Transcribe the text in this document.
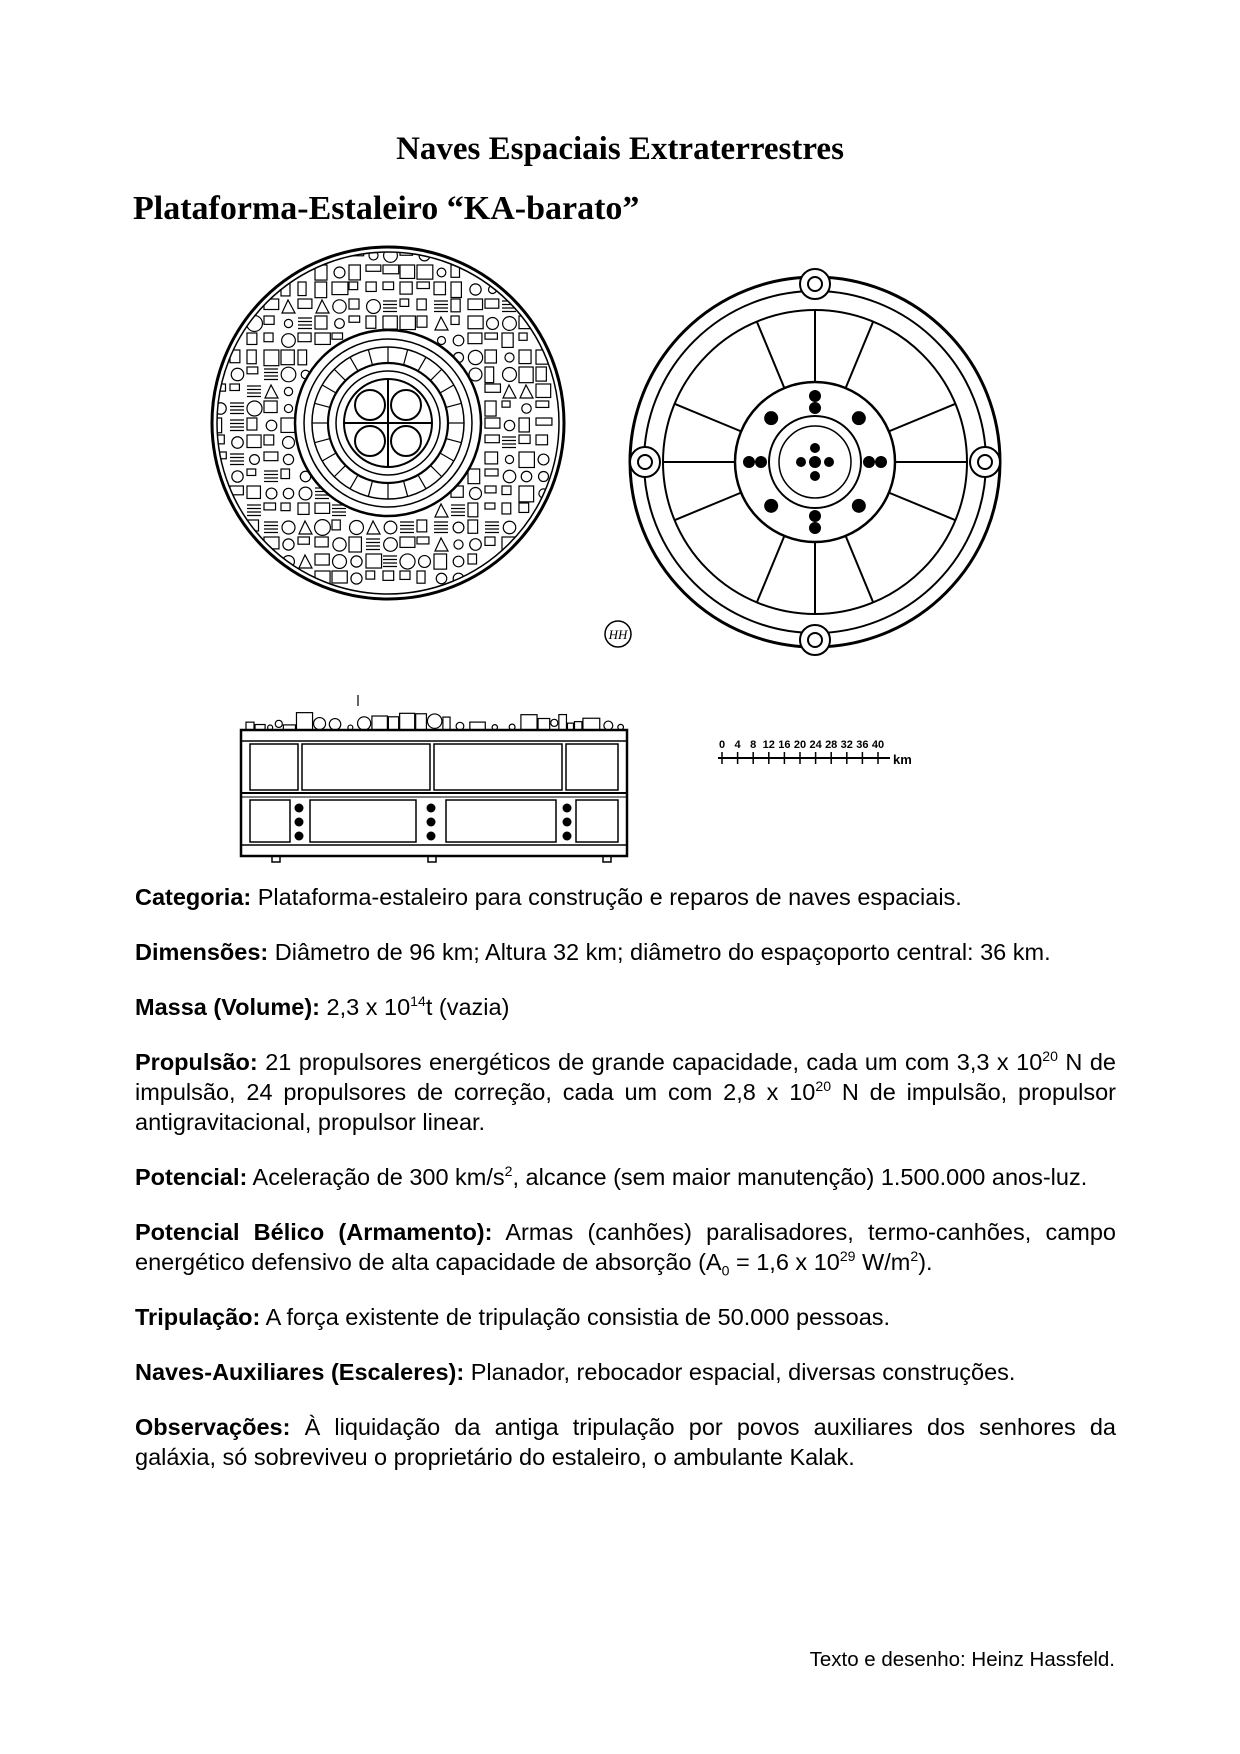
Naves Espaciais Extraterrestres
Plataforma-Estaleiro “KA-barato”
HH
0 4 8 12 16 20 24 28 32 36 40
km

Categoria: Plataforma-estaleiro para construção e reparos de naves espaciais.

Dimensões: Diâmetro de 96 km; Altura 32 km; diâmetro do espaçoporto central: 36 km.

Massa (Volume): 2,3 x $10^{14}t$ (vazia)

Propulsão: 21 propulsores energéticos de grande capacidade, cada um com 3,3 x $10^{20}$ N de impulsão, 24 propulsores de correção, cada um com 2,8 x $10^{20}$ N de impulsão, propulsor antigravitacional, propulsor linear.

Potencial: Aceleração de 300 $km/s^2$, alcance (sem maior manutenção) 1.500.000 anos-luz.

Potencial Bélico (Armamento): Armas (canhões) paralisadores, termo-canhões, campo energético defensivo de alta capacidade de absorção ($A_0 = 1,6$ x $10^{29}$ $W/m^2$).

Tripulação: A força existente de tripulação consistia de 50.000 pessoas.

Naves-Auxiliares (Escaleres): Planador, rebocador espacial, diversas construções.

Observações: À liquidação da antiga tripulação por povos auxiliares dos senhores da galáxia, só sobreviveu o proprietário do estaleiro, o ambulante Kalak.

Texto e desenho: Heinz Hassfeld.
